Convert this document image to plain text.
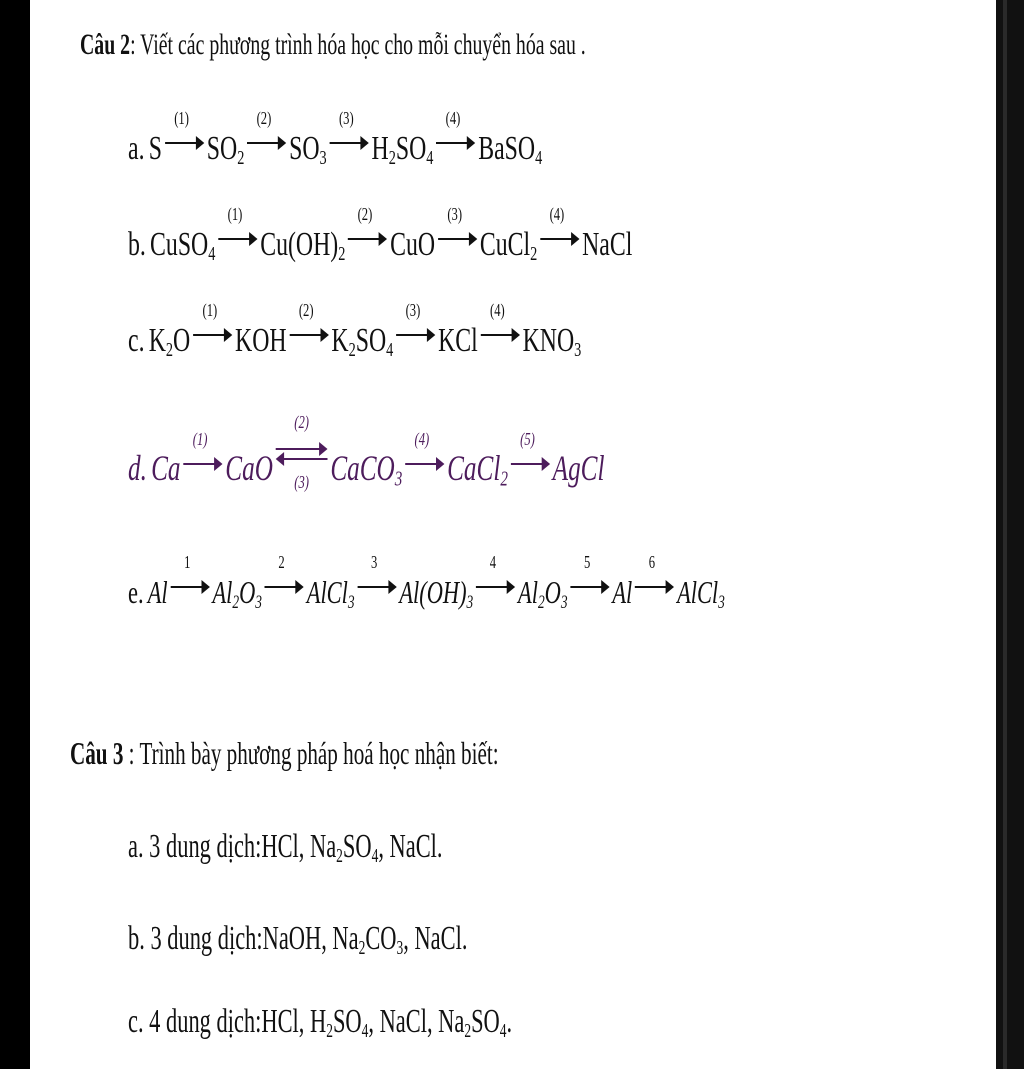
Câu 2: Viết các phương trình hóa học cho mỗi chuyển hóa sau .
a. S
(1)
$SO_2$
(2)
$SO_3$
(3)
$H_2SO_4$
(4)
BaSO$_4$
b. CuSO$_4$
(1)
$Cu(OH)_2$
(2)
CuO
(3)
CuCl$_2$
(4)
NaCl
c. $K_2O$
(1)
KOH
(2)
$K_2SO_4$
(3)
KCl
(4)
$KNO_3$
d. Ca
(1)
CaO
(2)
(3) CaCO$_3$
(4)
CaCl$_2$
(5)
AgCl
e. Al
1
$Al_2O_3$
2
AlCl$_3$
3
$Al(OH)_3$
4
$Al_2O_3$
5
Al
6
AlCl$_3$
Câu 3 : Trình bày phương pháp hoá học nhận biết:
a. 3 dung dịch: HCl, $Na_2SO_4$, NaCl.
b. 3 dung dịch: NaOH, $Na_2CO_3$, NaCl.
c. 4 dung dịch: HCl, $H_2SO_4$, NaCl, $Na_2SO_4$.
